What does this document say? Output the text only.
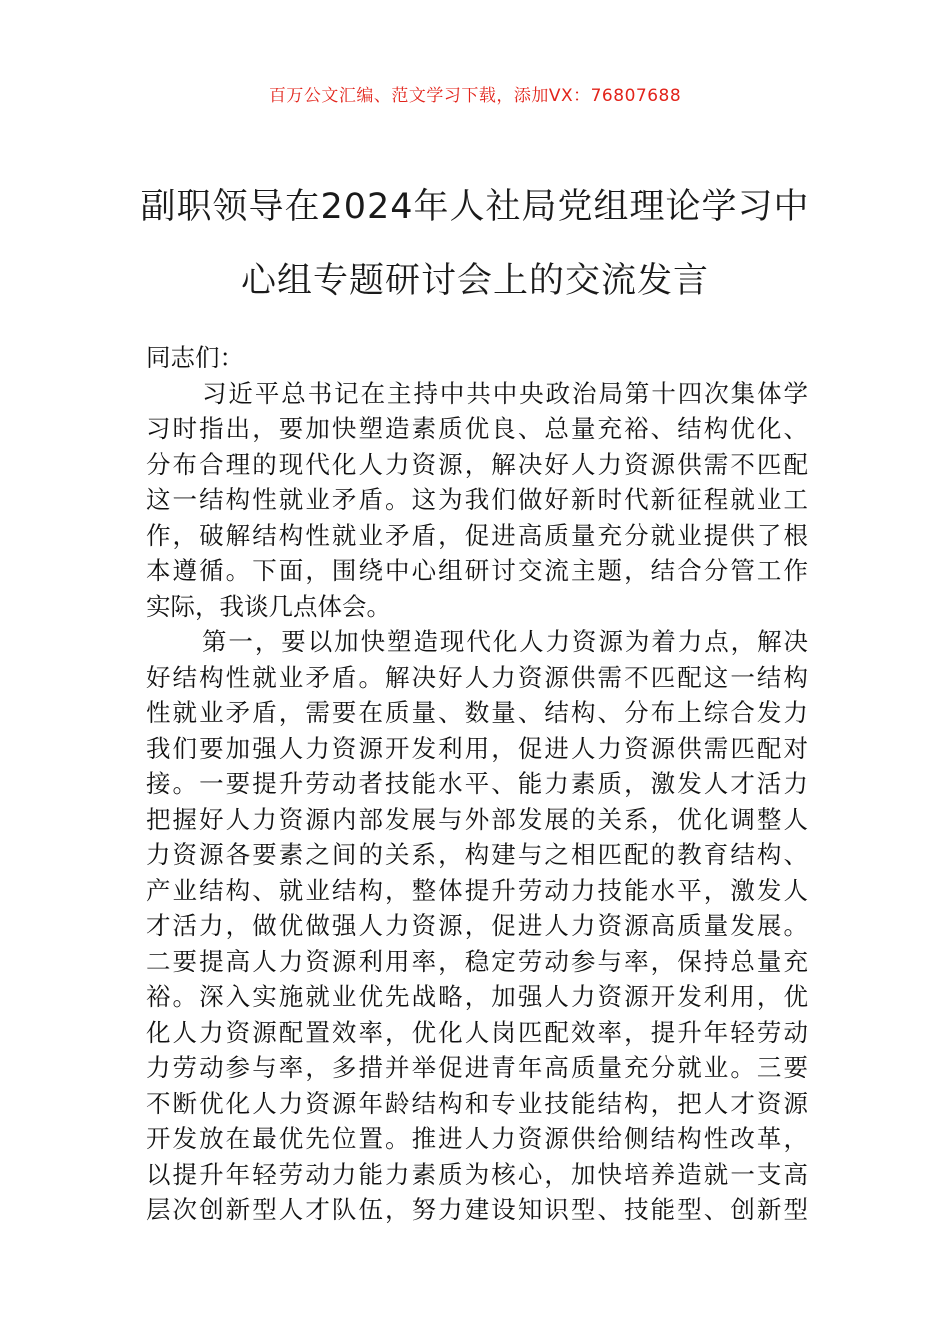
百万公文汇编、范文学习下载，添加VX：76807688
副职领导在2024年人社局党组理论学习中
心组专题研讨会上的交流发言
同志们：
习近平总书记在主持中共中央政治局第十四次集体学
习时指出，要加快塑造素质优良、总量充裕、结构优化、
分布合理的现代化人力资源，解决好人力资源供需不匹配
这一结构性就业矛盾。这为我们做好新时代新征程就业工
作，破解结构性就业矛盾，促进高质量充分就业提供了根
本遵循。下面，围绕中心组研讨交流主题，结合分管工作
实际，我谈几点体会。
第一，要以加快塑造现代化人力资源为着力点，解决
好结构性就业矛盾。解决好人力资源供需不匹配这一结构
性就业矛盾，需要在质量、数量、结构、分布上综合发力
我们要加强人力资源开发利用，促进人力资源供需匹配对
接。一要提升劳动者技能水平、能力素质，激发人才活力
把握好人力资源内部发展与外部发展的关系，优化调整人
力资源各要素之间的关系，构建与之相匹配的教育结构、
产业结构、就业结构，整体提升劳动力技能水平，激发人
才活力，做优做强人力资源，促进人力资源高质量发展。
二要提高人力资源利用率，稳定劳动参与率，保持总量充
裕。深入实施就业优先战略，加强人力资源开发利用，优
化人力资源配置效率，优化人岗匹配效率，提升年轻劳动
力劳动参与率，多措并举促进青年高质量充分就业。三要
不断优化人力资源年龄结构和专业技能结构，把人才资源
开发放在最优先位置。推进人力资源供给侧结构性改革，
以提升年轻劳动力能力素质为核心，加快培养造就一支高
层次创新型人才队伍，努力建设知识型、技能型、创新型
